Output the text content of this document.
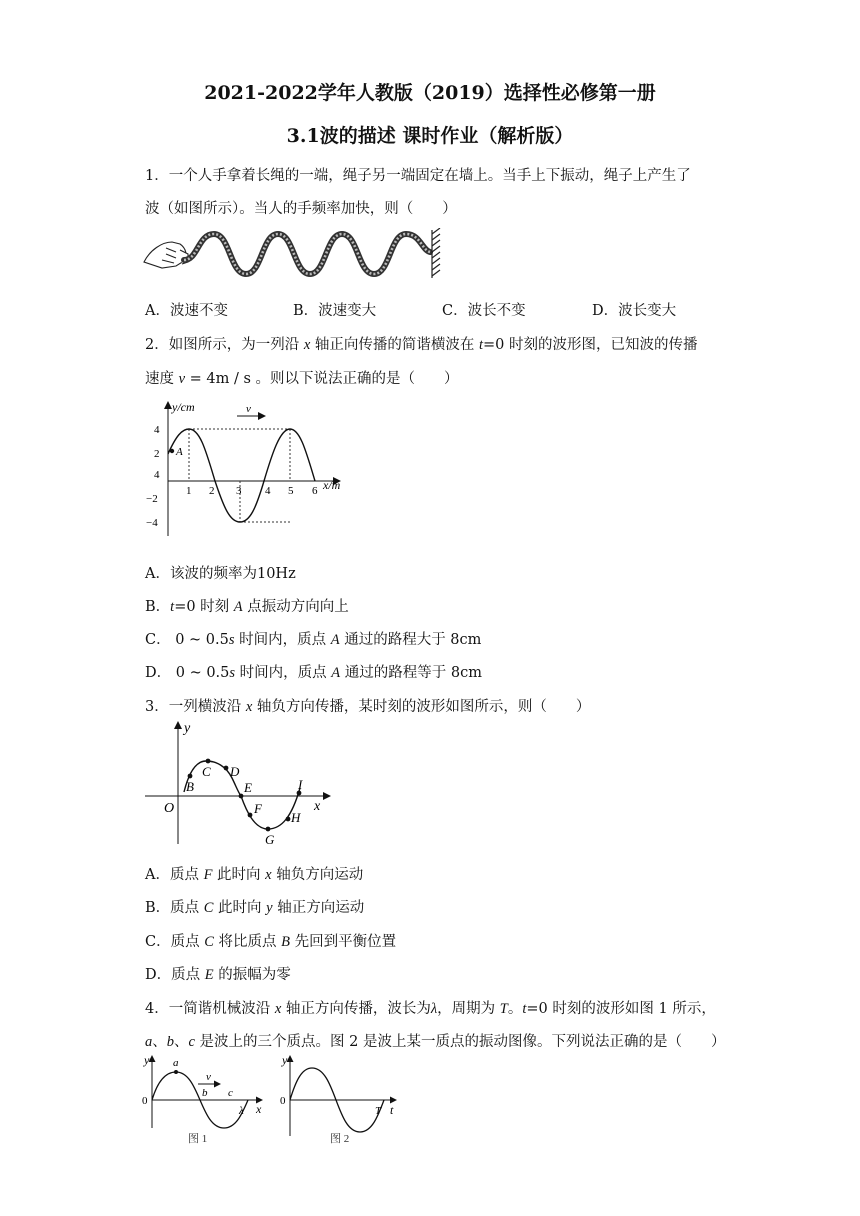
2021-2022学年人教版（2019）选择性必修第一册
3.1波的描述 课时作业（解析版）
1．一个人手拿着长绳的一端，绳子另一端固定在墙上。当手上下振动，绳子上产生了
波（如图所示）。当人的手频率加快，则（　　）
A．波速不变	B．波速变大	C．波长不变	D．波长变大
2．如图所示，为一列沿 x 轴正向传播的简谐横波在 t=0 时刻的波形图，已知波的传播
速度 v = 4m / s 。则以下说法正确的是（　　）
y/cm
x/m
v
A
4
2
4
−2
−4
1 2 3 4 5 6
A．该波的频率为10Hz
B．t=0 时刻 A 点振动方向向上
C． 0 ~ 0.5s 时间内，质点 A 通过的路程大于 8cm
D． 0 ~ 0.5s 时间内，质点 A 通过的路程等于 8cm
3．一列横波沿 x 轴负方向传播，某时刻的波形如图所示，则（　　）
y
x
O
B
C D
E
F
G
H
I
A．质点 F 此时向 x 轴负方向运动
B．质点 C 此时向 y 轴正方向运动
C．质点 C 将比质点 B 先回到平衡位置
D．质点 E 的振幅为零
4．一简谐机械波沿 x 轴正方向传播，波长为λ，周期为 T。t=0 时刻的波形如图 1 所示，
a、b、c 是波上的三个质点。图 2 是波上某一质点的振动图像。下列说法正确的是（　　）
y
x
0
a
b c
v
λ
图 1
y
t
0
T
图 2
